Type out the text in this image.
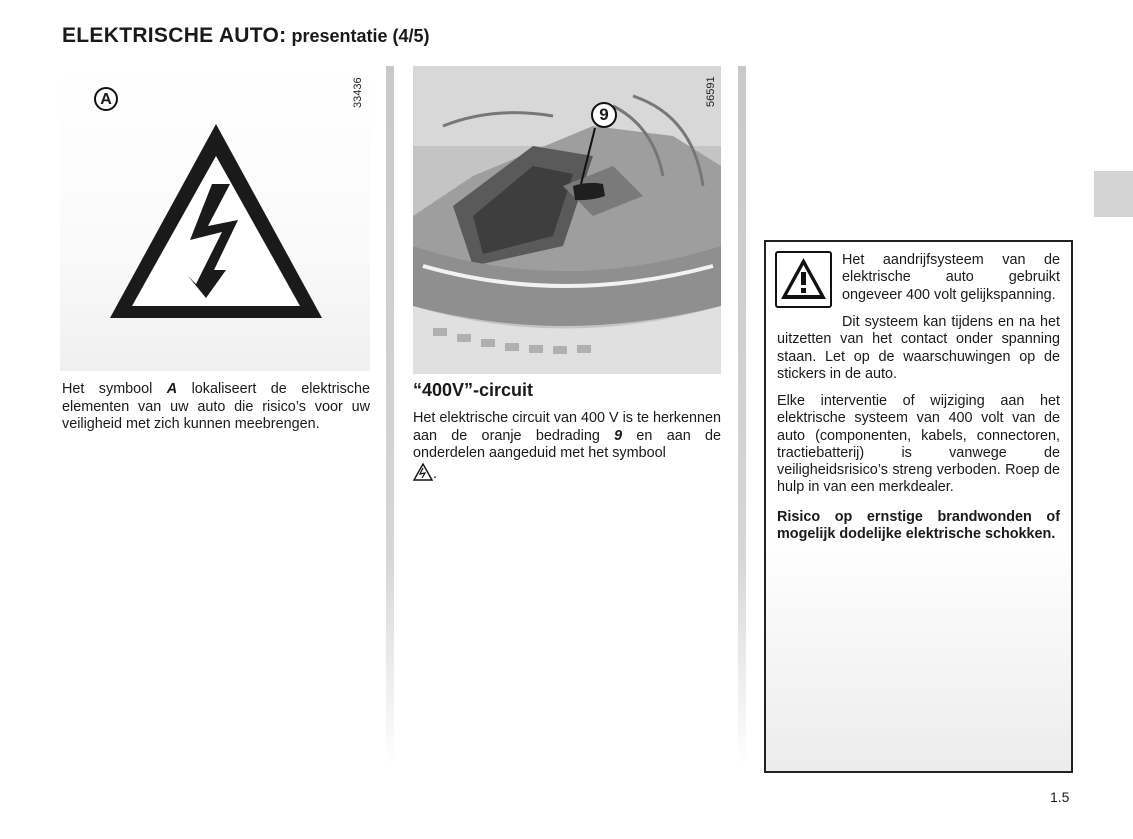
ELEKTRISCHE AUTO: presentatie (4/5)
A	33436
Het symbool A lokaliseert de elektrische elementen van uw auto die risico’s voor uw veiligheid met zich kunnen meebrengen.
9
56591
“400V”-circuit
Het elektrische circuit van 400 V is te herkennen aan de oranje bedrading 9 en aan de onderdelen aangeduid met het symbool
.

Het aandrijfsysteem van de elektrische auto gebruikt ongeveer 400 volt gelijkspanning.

Dit systeem kan tijdens en na het uitzetten van het contact onder spanning staan. Let op de waarschuwingen op de stickers in de auto.

Elke interventie of wijziging aan het elektrische systeem van 400 volt van de auto (componenten, kabels, connectoren, tractiebatterij) is vanwege de veiligheidsrisico’s streng verboden. Roep de hulp in van een merkdealer.

Risico op ernstige brandwonden of mogelijk dodelijke elektrische schokken.

1.5
